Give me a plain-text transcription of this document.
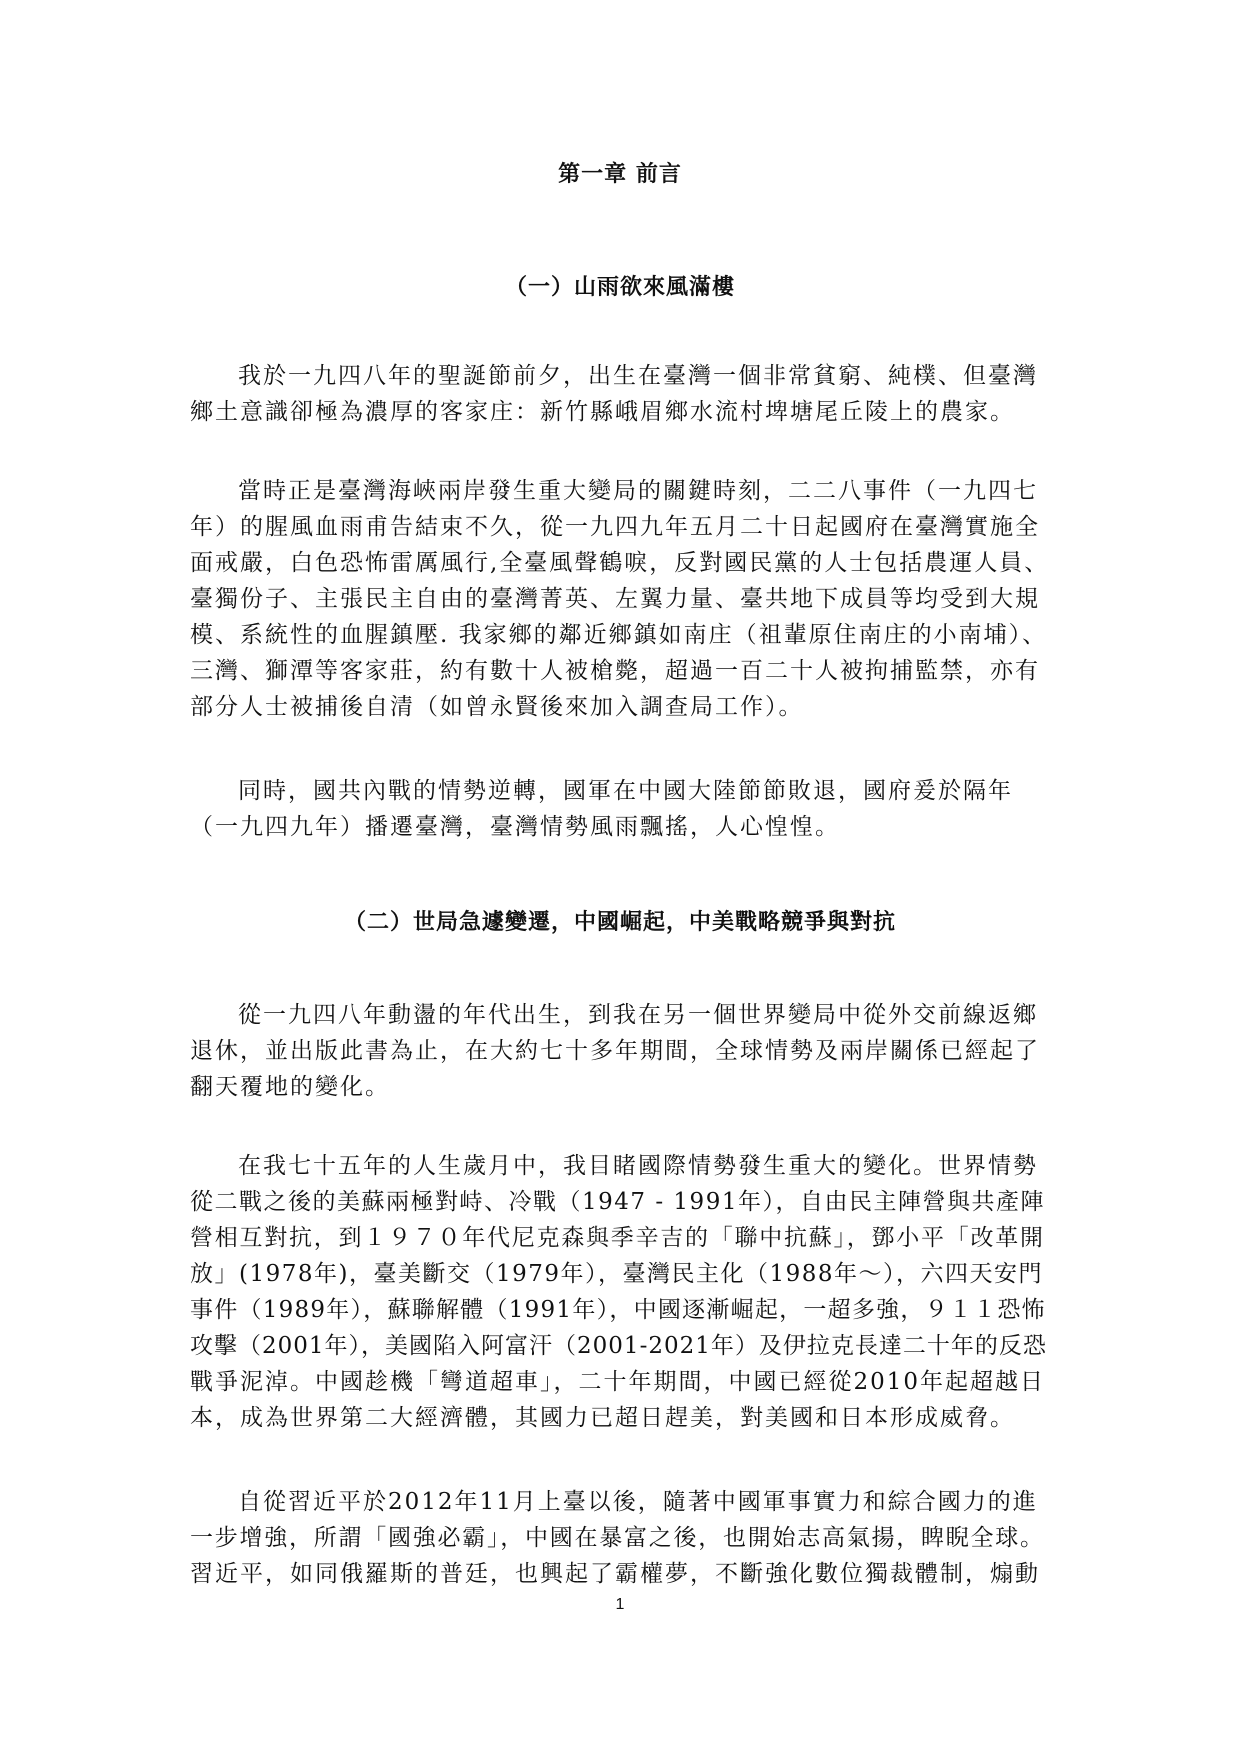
第一章 前言
（一）山雨欲來風滿樓

我於一九四八年的聖誕節前夕，出生在臺灣一個非常貧窮、純樸、但臺灣
鄉土意識卻極為濃厚的客家庄：新竹縣峨眉鄉水流村埤塘尾丘陵上的農家。

當時正是臺灣海峽兩岸發生重大變局的關鍵時刻，二二八事件（一九四七
年）的腥風血雨甫告結束不久，從一九四九年五月二十日起國府在臺灣實施全
面戒嚴，白色恐怖雷厲風行,全臺風聲鶴唳，反對國民黨的人士包括農運人員、
臺獨份子、主張民主自由的臺灣菁英、左翼力量、臺共地下成員等均受到大規
模、系統性的血腥鎮壓. 我家鄉的鄰近鄉鎮如南庄（祖輩原住南庄的小南埔）、
三灣、獅潭等客家莊，約有數十人被槍斃，超過一百二十人被拘捕監禁，亦有
部分人士被捕後自清（如曾永賢後來加入調查局工作）。

同時，國共內戰的情勢逆轉，國軍在中國大陸節節敗退，國府爰於隔年
（一九四九年）播遷臺灣，臺灣情勢風雨飄搖，人心惶惶。

（二）世局急遽變遷，中國崛起，中美戰略競爭與對抗

從一九四八年動盪的年代出生，到我在另一個世界變局中從外交前線返鄉
退休，並出版此書為止，在大約七十多年期間，全球情勢及兩岸關係已經起了
翻天覆地的變化。

在我七十五年的人生歲月中，我目睹國際情勢發生重大的變化。世界情勢
從二戰之後的美蘇兩極對峙、冷戰（1947 - 1991年），自由民主陣營與共產陣
營相互對抗，到１９７０年代尼克森與季辛吉的「聯中抗蘇」，鄧小平「改革開
放」(1978年)，臺美斷交（1979年），臺灣民主化（1988年～），六四天安門
事件（1989年），蘇聯解體（1991年），中國逐漸崛起，一超多強，９１１恐怖
攻擊（2001年），美國陷入阿富汗（2001-2021年）及伊拉克長達二十年的反恐
戰爭泥淖。中國趁機「彎道超車」，二十年期間，中國已經從2010年起超越日
本，成為世界第二大經濟體，其國力已超日趕美，對美國和日本形成威脅。

自從習近平於2012年11月上臺以後，隨著中國軍事實力和綜合國力的進
一步增強，所謂「國強必霸」，中國在暴富之後，也開始志高氣揚，睥睨全球。
習近平，如同俄羅斯的普廷，也興起了霸權夢，不斷強化數位獨裁體制，煽動

1
